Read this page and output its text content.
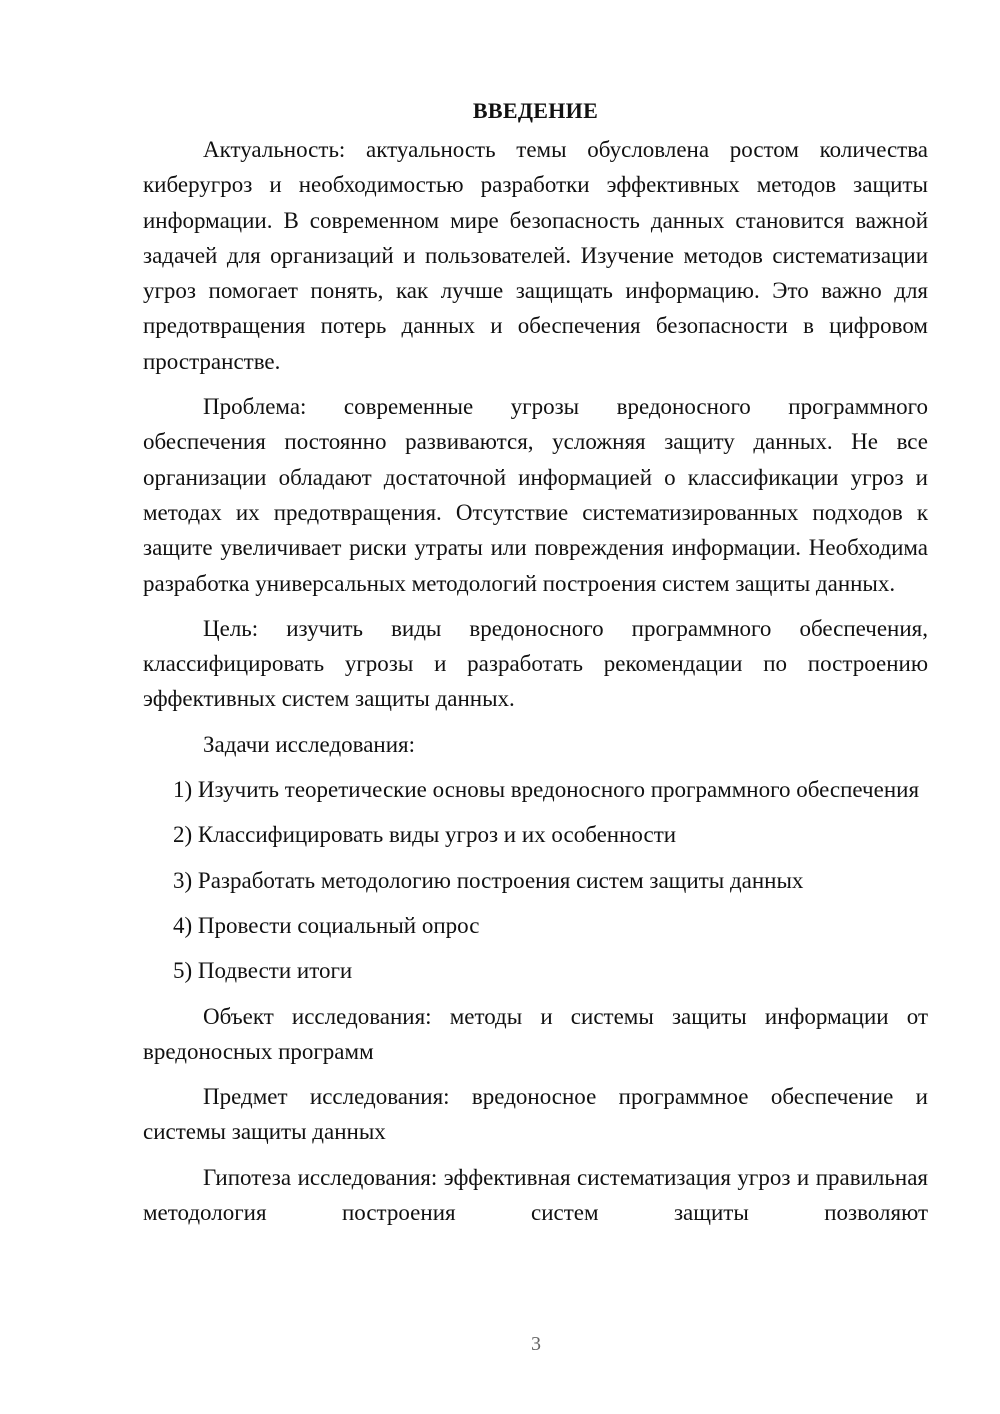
ВВЕДЕНИЕ

Актуальность: актуальность темы обусловлена ростом количества киберугроз и необходимостью разработки эффективных методов защиты информации. В современном мире безопасность данных становится важной задачей для организаций и пользователей. Изучение методов систематизации угроз помогает понять, как лучше защищать информацию. Это важно для предотвращения потерь данных и обеспечения безопасности в цифровом пространстве.

Проблема: современные угрозы вредоносного программного обеспечения постоянно развиваются, усложняя защиту данных. Не все организации обладают достаточной информацией о классификации угроз и методах их предотвращения. Отсутствие систематизированных подходов к защите увеличивает риски утраты или повреждения информации. Необходима разработка универсальных методологий построения систем защиты данных.

Цель: изучить виды вредоносного программного обеспечения, классифицировать угрозы и разработать рекомендации по построению эффективных систем защиты данных.

Задачи исследования:

1) Изучить теоретические основы вредоносного программного обеспечения

2) Классифицировать виды угроз и их особенности

3) Разработать методологию построения систем защиты данных

4) Провести социальный опрос

5) Подвести итоги

Объект исследования: методы и системы защиты информации от вредоносных программ

Предмет исследования: вредоносное программное обеспечение и системы защиты данных

Гипотеза исследования: эффективная систематизация угроз и правильная методология построения систем защиты позволяют

3
